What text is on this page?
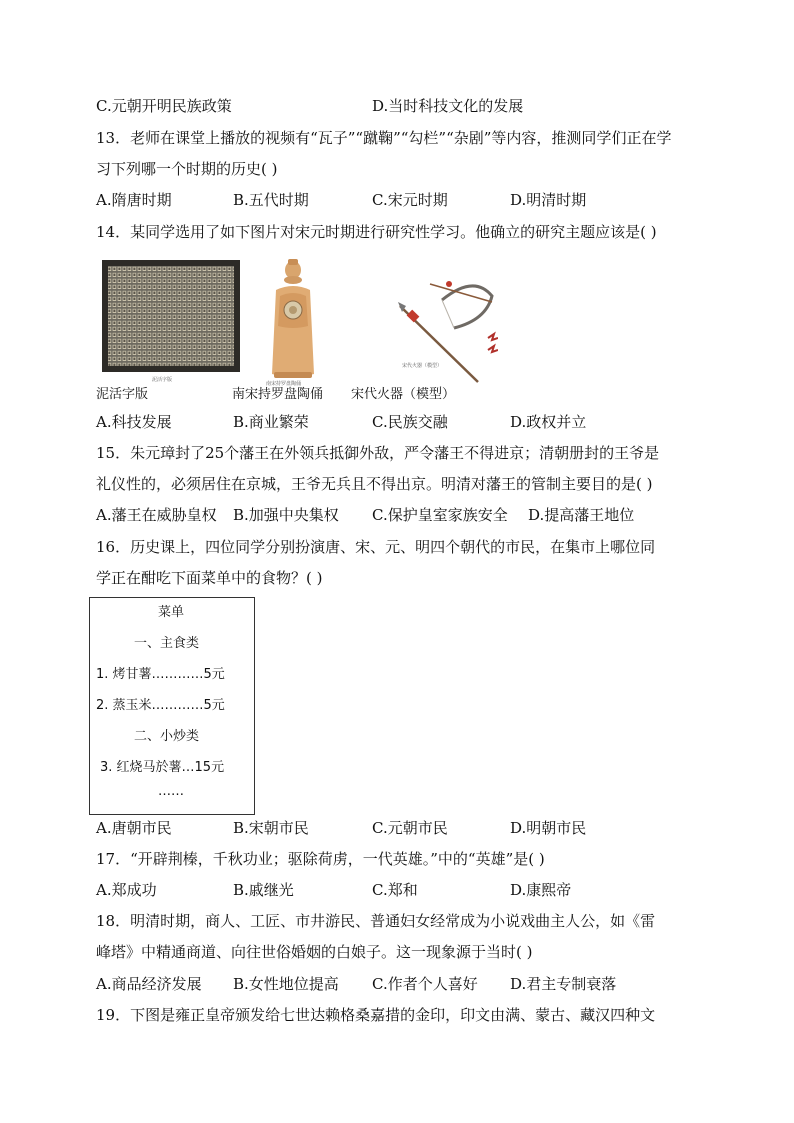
C.元朝开明民族政策	D.当时科技文化的发展
13．老师在课堂上播放的视频有“瓦子”“蹴鞠”“勾栏”“杂剧”等内容，推测同学们正在学
习下列哪一个时期的历史( )
A.隋唐时期	B.五代时期	C.宋元时期	D.明清时期
14．某同学选用了如下图片对宋元时期进行研究性学习。他确立的研究主题应该是( )
泥活字版
南宋持罗盘陶俑
宋代火器（模型）
泥活字版	南宋持罗盘陶俑 宋代火器（模型）
A.科技发展	B.商业繁荣	C.民族交融	D.政权并立
15．朱元璋封了25个藩王在外领兵抵御外敌，严令藩王不得进京；清朝册封的王爷是
礼仪性的，必须居住在京城，王爷无兵且不得出京。明清对藩王的管制主要目的是( )
A.藩王在威胁皇权 B.加强中央集权 C.保护皇室家族安全 D.提高藩王地位
16．历史课上，四位同学分别扮演唐、宋、元、明四个朝代的市民，在集市上哪位同
学正在酣吃下面菜单中的食物？( )
菜单
一、主食类
1. 烤甘薯…………5元
2. 蒸玉米…………5元
二、小炒类
3. 红烧马於薯…15元
……
A.唐朝市民	B.宋朝市民	C.元朝市民	D.明朝市民
17．“开辟荆榛，千秋功业；驱除荷虏，一代英雄。”中的“英雄”是( )
A.郑成功	B.戚继光	C.郑和	D.康熙帝
18．明清时期，商人、工匠、市井游民、普通妇女经常成为小说戏曲主人公，如《雷
峰塔》中精通商道、向往世俗婚姻的白娘子。这一现象源于当时( )
A.商品经济发展 B.女性地位提高 C.作者个人喜好 D.君主专制衰落
19．下图是雍正皇帝颁发给七世达赖格桑嘉措的金印，印文由满、蒙古、藏汉四种文
